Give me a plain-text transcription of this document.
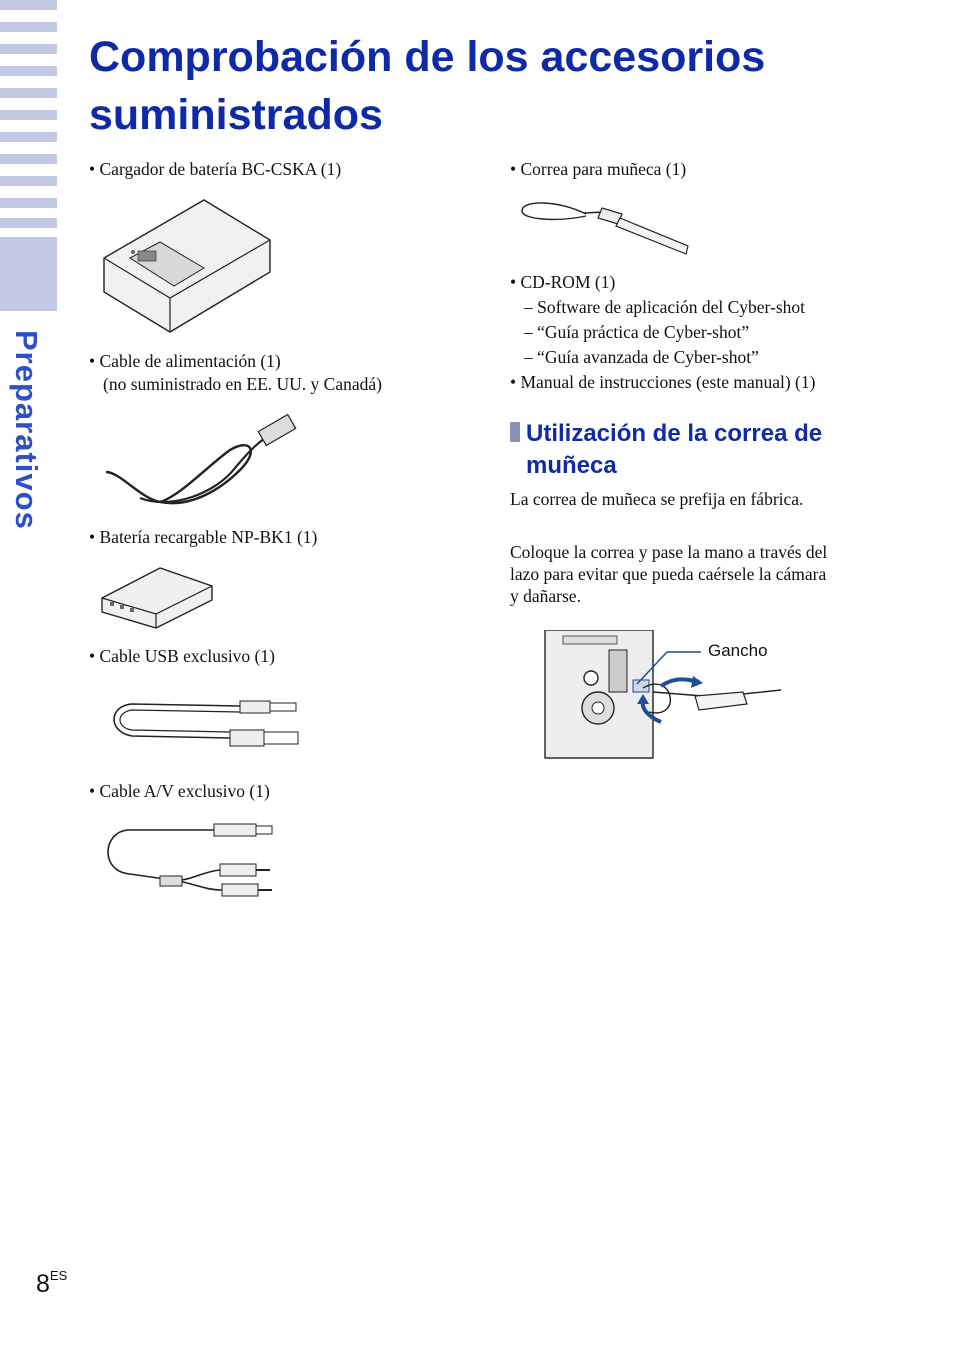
Preparativos
Comprobación de los accesorios suministrados
• Cargador de batería BC-CSKA (1)
• Cable de alimentación (1)
(no suministrado en EE. UU. y Canadá)
• Batería recargable NP-BK1 (1)
• Cable USB exclusivo (1)
• Cable A/V exclusivo (1)
• Correa para muñeca (1)
• CD-ROM (1)
– Software de aplicación del Cyber-shot
– “Guía práctica de Cyber-shot”
– “Guía avanzada de Cyber-shot”
• Manual de instrucciones (este manual) (1)
Utilización de la correa de muñeca
La correa de muñeca se prefija en fábrica.
Coloque la correa y pase la mano a través del
lazo para evitar que pueda caérsele la cámara
y dañarse.
Gancho
$8^{ES}$
